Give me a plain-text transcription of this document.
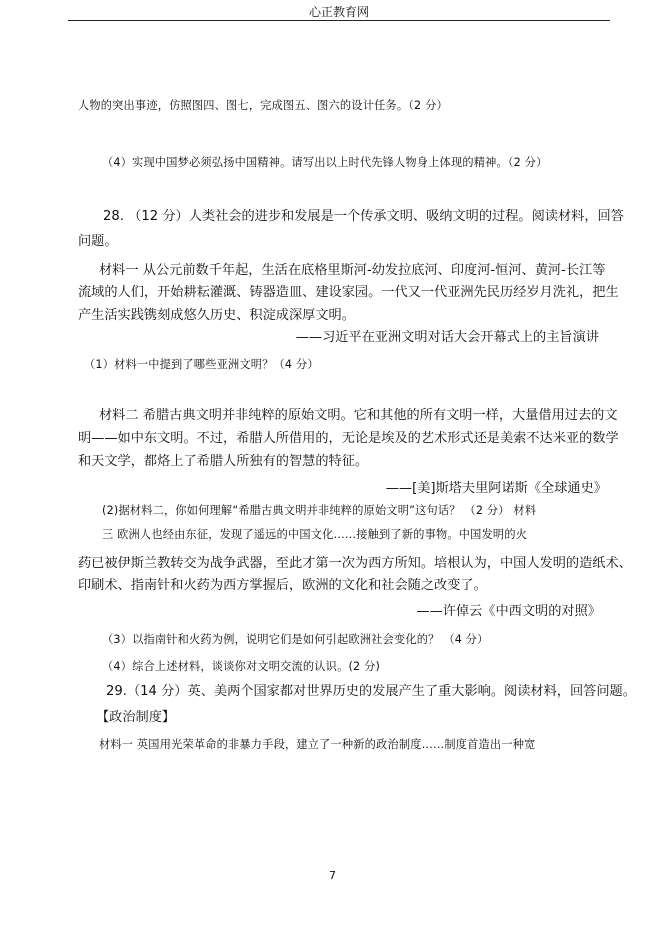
心正教育网
人物的突出事迹，仿照图四、图七，完成图五、图六的设计任务。（2 分）
（4）实现中国梦必须弘扬中国精神。请写出以上时代先锋人物身上体现的精神。（2 分）
28. （12 分）人类社会的进步和发展是一个传承文明、吸纳文明的过程。阅读材料，回答
问题。
材料一 从公元前数千年起，生活在底格里斯河-幼发拉底河、印度河-恒河、黄河-长江等
流域的人们，开始耕耘灌溉、铸器造皿、建设家园。一代又一代亚洲先民历经岁月洗礼，把生
产生活实践镌刻成悠久历史、积淀成深厚文明。
——习近平在亚洲文明对话大会开幕式上的主旨演讲
（1）材料一中提到了哪些亚洲文明？（4 分）
材料二 希腊古典文明并非纯粹的原始文明。它和其他的所有文明一样，大量借用过去的文
明——如中东文明。不过，希腊人所借用的，无论是埃及的艺术形式还是美索不达米亚的数学
和天文学，都烙上了希腊人所独有的智慧的特征。
——[美]斯塔夫里阿诺斯《全球通史》
(2)据材料二，你如何理解“希腊古典文明并非纯粹的原始文明”这句话？ （2 分） 材料
三 欧洲人也经由东征，发现了遥远的中国文化……接触到了新的事物。中国发明的火
药已被伊斯兰教转交为战争武器，至此才第一次为西方所知。培根认为，中国人发明的造纸术、
印刷术、指南针和火药为西方掌握后，欧洲的文化和社会随之改变了。
——许倬云《中西文明的对照》
（3）以指南针和火药为例，说明它们是如何引起欧洲社会变化的？ （4 分）
（4）综合上述材料，谈谈你对文明交流的认识。(2 分)
29.（14 分）英、美两个国家都对世界历史的发展产生了重大影响。阅读材料，回答问题。
【政治制度】
材料一 英国用光荣革命的非暴力手段，建立了一种新的政治制度……制度首造出一种宽
7
